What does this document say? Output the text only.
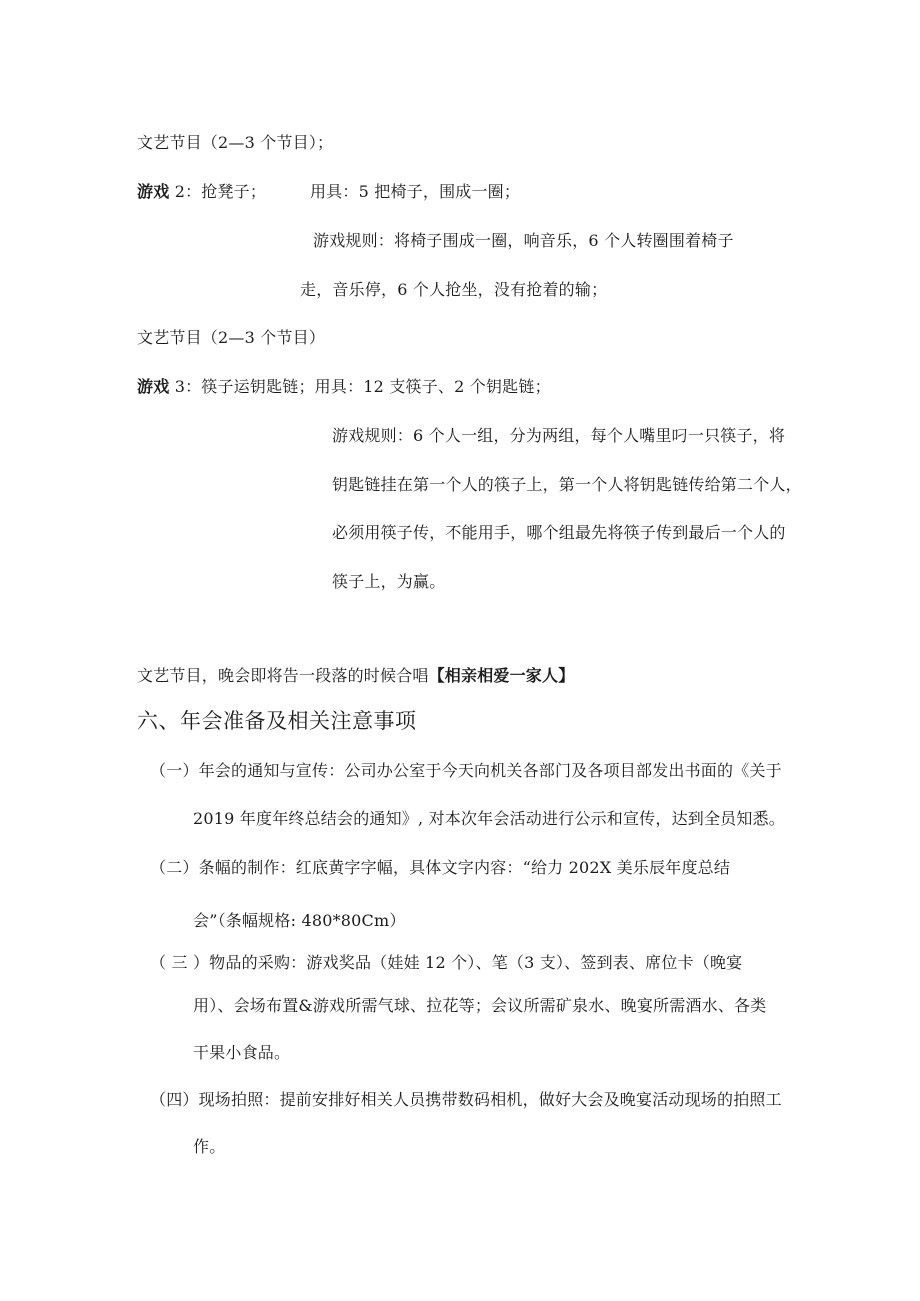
文艺节目（2—3 个节目）；
游戏 2：抢凳子；	用具：5 把椅子，围成一圈；
游戏规则：将椅子围成一圈，响音乐，6 个人转圈围着椅子
走，音乐停，6 个人抢坐，没有抢着的输；
文艺节目（2—3 个节目）
游戏 3：筷子运钥匙链；用具：12 支筷子、2 个钥匙链；
游戏规则：6 个人一组，分为两组，每个人嘴里叼一只筷子，将
钥匙链挂在第一个人的筷子上，第一个人将钥匙链传给第二个人，
必须用筷子传，不能用手，哪个组最先将筷子传到最后一个人的
筷子上，为赢。
文艺节目，晚会即将告一段落的时候合唱【相亲相爱一家人】
六、年会准备及相关注意事项
（一）年会的通知与宣传：公司办公室于今天向机关各部门及各项目部发出书面的《关于
2019 年度年终总结会的通知》, 对本次年会活动进行公示和宣传，达到全员知悉。
（二）条幅的制作：红底黄字字幅，具体文字内容：“给力 202X 美乐辰年度总结
会”（条幅规格: 480*80Cm）
（ 三 ）物品的采购：游戏奖品（娃娃 12 个）、笔（3 支）、签到表、席位卡（晚宴
用）、会场布置&游戏所需气球、拉花等；会议所需矿泉水、晚宴所需酒水、各类
干果小食品。
（四）现场拍照：提前安排好相关人员携带数码相机，做好大会及晚宴活动现场的拍照工
作。
